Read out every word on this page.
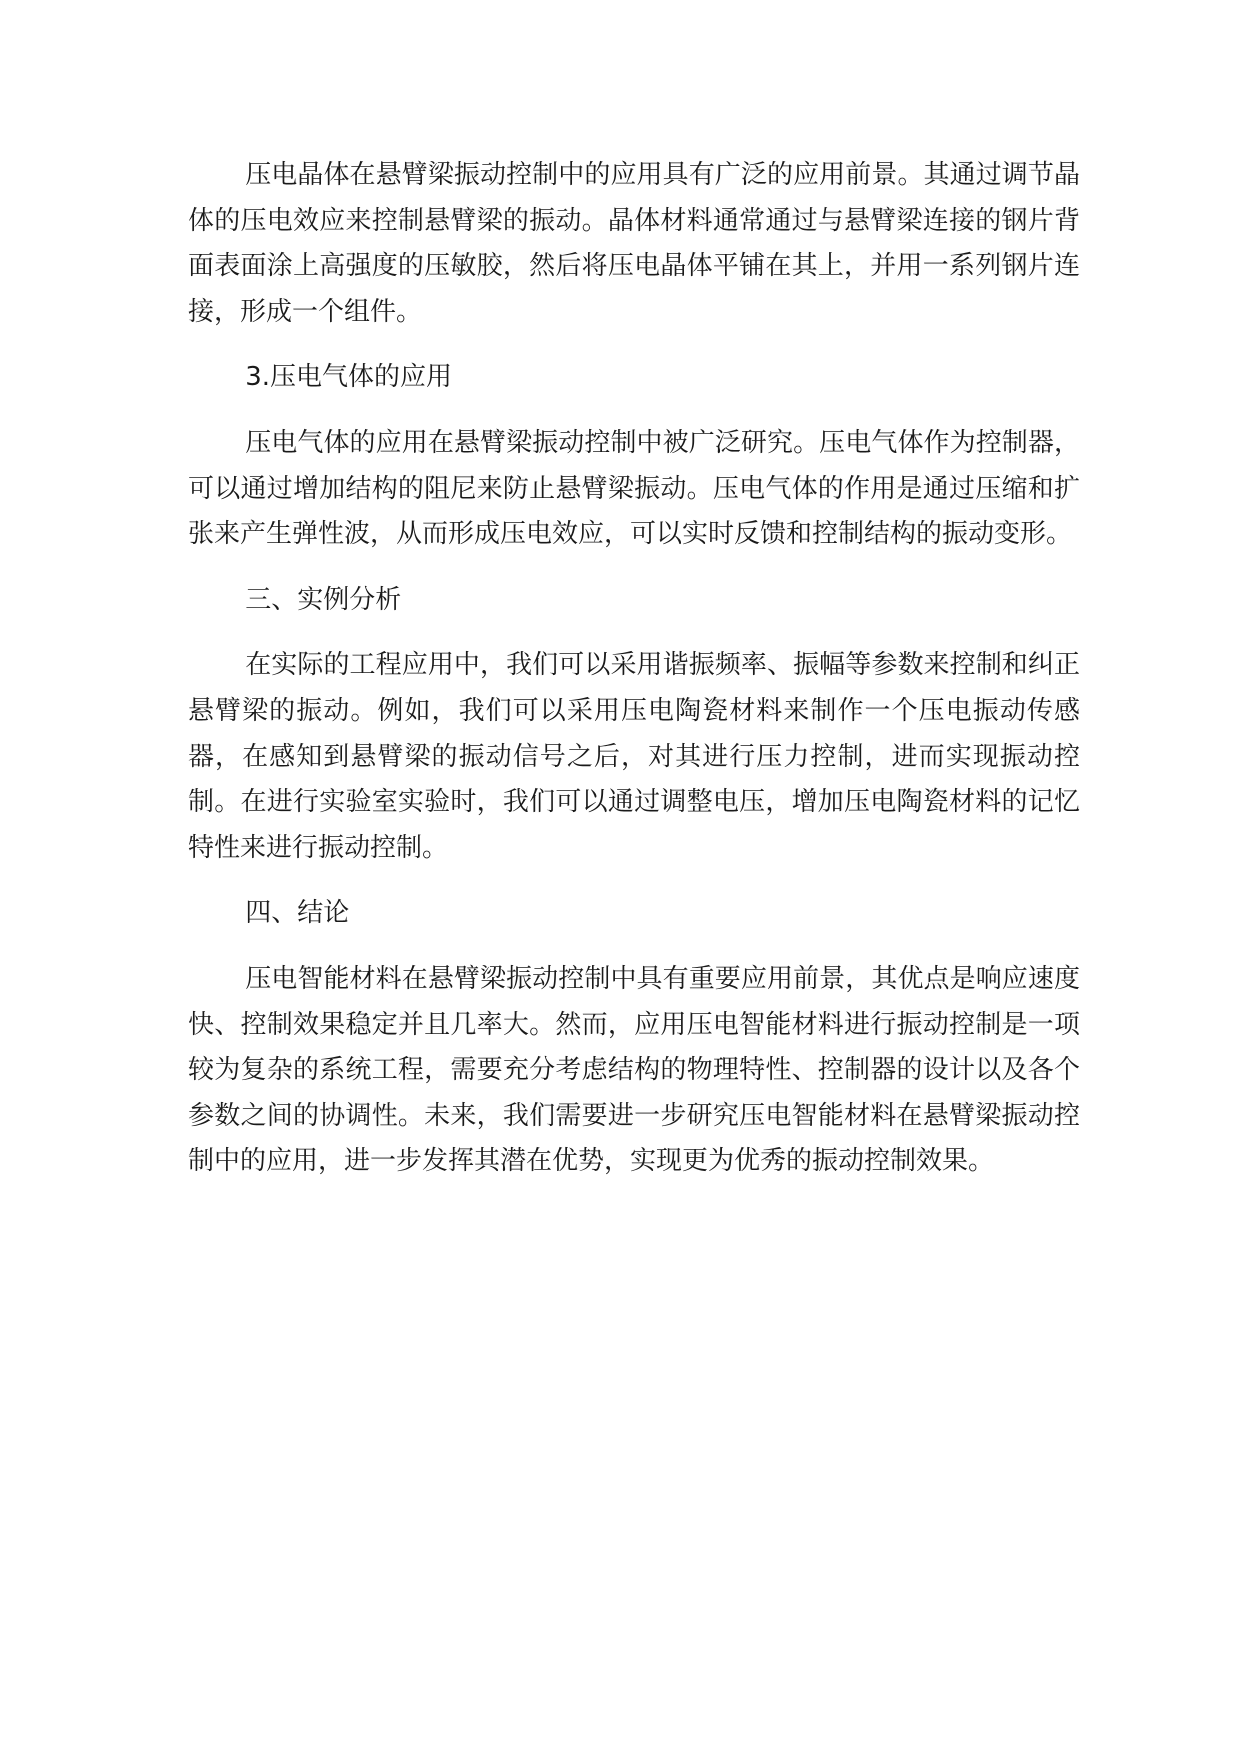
压电晶体在悬臂梁振动控制中的应用具有广泛的应用前景。其通过调节晶体的压电效应来控制悬臂梁的振动。晶体材料通常通过与悬臂梁连接的钢片背面表面涂上高强度的压敏胶，然后将压电晶体平铺在其上，并用一系列钢片连接，形成一个组件。

3.压电气体的应用

压电气体的应用在悬臂梁振动控制中被广泛研究。压电气体作为控制器，可以通过增加结构的阻尼来防止悬臂梁振动。压电气体的作用是通过压缩和扩张来产生弹性波，从而形成压电效应，可以实时反馈和控制结构的振动变形。

三、实例分析

在实际的工程应用中，我们可以采用谐振频率、振幅等参数来控制和纠正悬臂梁的振动。例如，我们可以采用压电陶瓷材料来制作一个压电振动传感器，在感知到悬臂梁的振动信号之后，对其进行压力控制，进而实现振动控制。在进行实验室实验时，我们可以通过调整电压，增加压电陶瓷材料的记忆特性来进行振动控制。

四、结论

压电智能材料在悬臂梁振动控制中具有重要应用前景，其优点是响应速度快、控制效果稳定并且几率大。然而，应用压电智能材料进行振动控制是一项较为复杂的系统工程，需要充分考虑结构的物理特性、控制器的设计以及各个参数之间的协调性。未来，我们需要进一步研究压电智能材料在悬臂梁振动控制中的应用，进一步发挥其潜在优势，实现更为优秀的振动控制效果。
